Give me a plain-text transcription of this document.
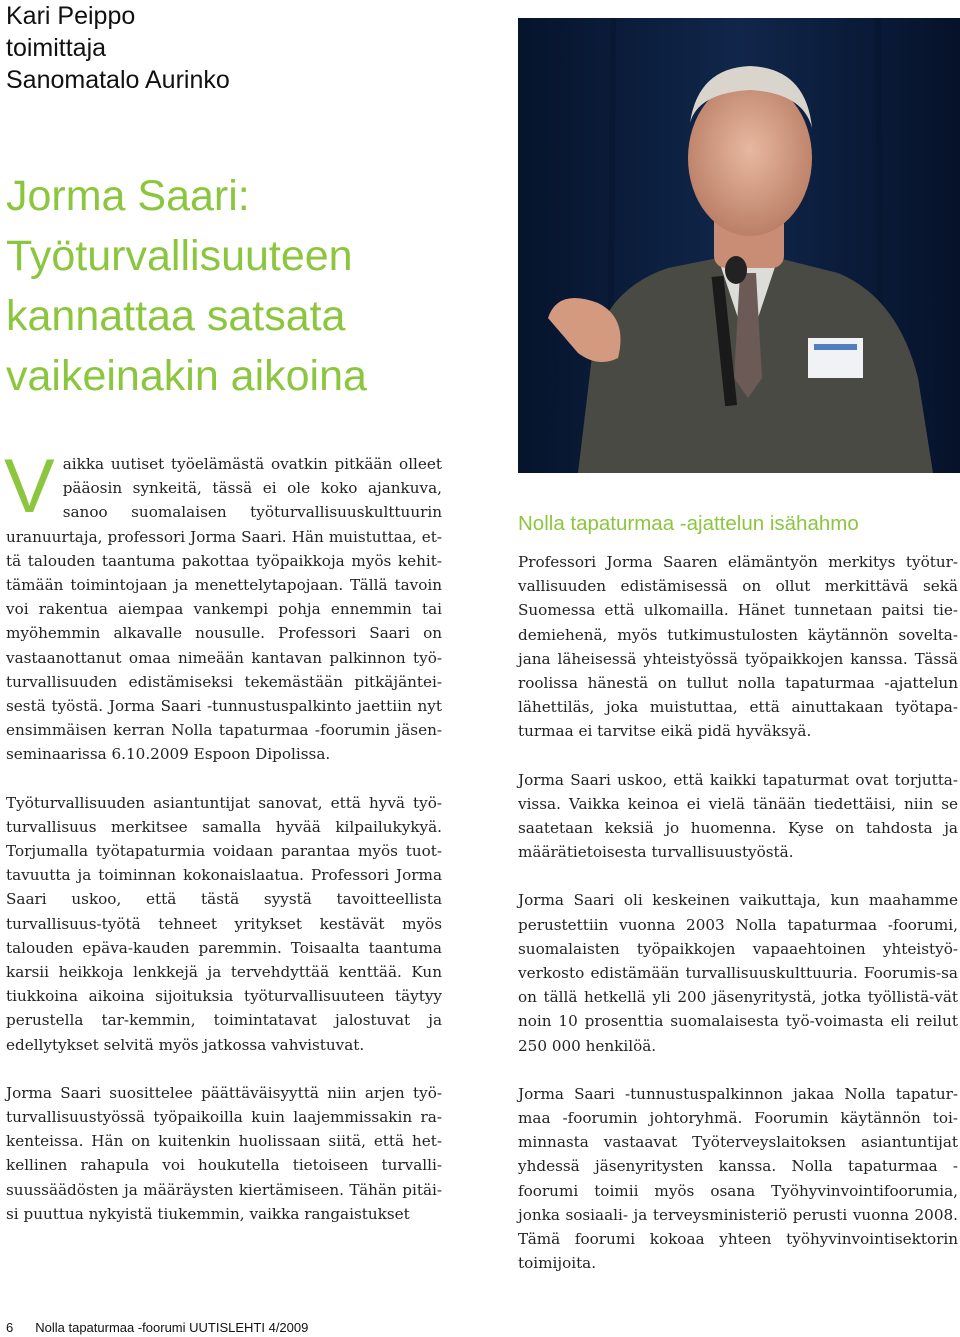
Kari Peippo
toimittaja
Sanomatalo Aurinko
Jorma Saari:
Työturvallisuuteen
kannattaa satsata
vaikeinakin aikoina

Vaikka uutiset työelämästä ovatkin pitkään olleet pääosin synkeitä, tässä ei ole koko ajankuva, sanoo suomalaisen työturvallisuuskulttuurin uranuurtaja, professori Jorma Saari. Hän muistuttaa, et-tä talouden taantuma pakottaa työpaikkoja myös kehit-tämään toimintojaan ja menettelytapojaan. Tällä tavoin voi rakentua aiempaa vankempi pohja ennemmin tai myöhemmin alkavalle nousulle. Professori Saari on vastaanottanut omaa nimeään kantavan palkinnon työ-turvallisuuden edistämiseksi tekemästään pitkäjäntei-sestä työstä. Jorma Saari -tunnustuspalkinto jaettiin nyt ensimmäisen kerran Nolla tapaturmaa -foorumin jäsen-seminaarissa 6.10.2009 Espoon Dipolissa.

Työturvallisuuden asiantuntijat sanovat, että hyvä työ-turvallisuus merkitsee samalla hyvää kilpailukykyä. Torjumalla työtapaturmia voidaan parantaa myös tuot-tavuutta ja toiminnan kokonaislaatua. Professori Jorma Saari uskoo, että tästä syystä tavoitteellista turvallisuus-työtä tehneet yritykset kestävät myös talouden epäva-kauden paremmin. Toisaalta taantuma karsii heikkoja lenkkejä ja tervehdyttää kenttää. Kun tiukkoina aikoina sijoituksia työturvallisuuteen täytyy perustella tar-kemmin, toimintatavat jalostuvat ja edellytykset selvitä myös jatkossa vahvistuvat.

Jorma Saari suosittelee päättäväisyyttä niin arjen työ-turvallisuustyössä työpaikoilla kuin laajemmissakin ra-kenteissa. Hän on kuitenkin huolissaan siitä, että het-kellinen rahapula voi houkutella tietoiseen turvalli-suussäädösten ja määräysten kiertämiseen. Tähän pitäi-si puuttua nykyistä tiukemmin, vaikka rangaistukset

Nolla tapaturmaa -ajattelun isähahmo

Professori Jorma Saaren elämäntyön merkitys työtur-vallisuuden edistämisessä on ollut merkittävä sekä Suomessa että ulkomailla. Hänet tunnetaan paitsi tie-demiehenä, myös tutkimustulosten käytännön sovelta-jana läheisessä yhteistyössä työpaikkojen kanssa. Tässä roolissa hänestä on tullut nolla tapaturmaa -ajattelun lähettiläs, joka muistuttaa, että ainuttakaan työtapa-turmaa ei tarvitse eikä pidä hyväksyä.

Jorma Saari uskoo, että kaikki tapaturmat ovat torjutta-vissa. Vaikka keinoa ei vielä tänään tiedettäisi, niin se saatetaan keksiä jo huomenna. Kyse on tahdosta ja määrätietoisesta turvallisuustyöstä.

Jorma Saari oli keskeinen vaikuttaja, kun maahamme perustettiin vuonna 2003 Nolla tapaturmaa -foorumi, suomalaisten työpaikkojen vapaaehtoinen yhteistyö-verkosto edistämään turvallisuuskulttuuria. Foorumis-sa on tällä hetkellä yli 200 jäsenyritystä, jotka työllistä-vät noin 10 prosenttia suomalaisesta työ-voimasta eli reilut 250 000 henkilöä.

Jorma Saari -tunnustuspalkinnon jakaa Nolla tapatur-maa -foorumin johtoryhmä. Foorumin käytännön toi-minnasta vastaavat Työterveyslaitoksen asiantuntijat yhdessä jäsenyritysten kanssa. Nolla tapaturmaa - foorumi toimii myös osana Työhyvinvointifoorumia, jonka sosiaali- ja terveysministeriö perusti vuonna 2008. Tämä foorumi kokoaa yhteen työhyvinvointisektorin toimijoita.

6 Nolla tapaturmaa -foorumi UUTISLEHTI 4/2009
